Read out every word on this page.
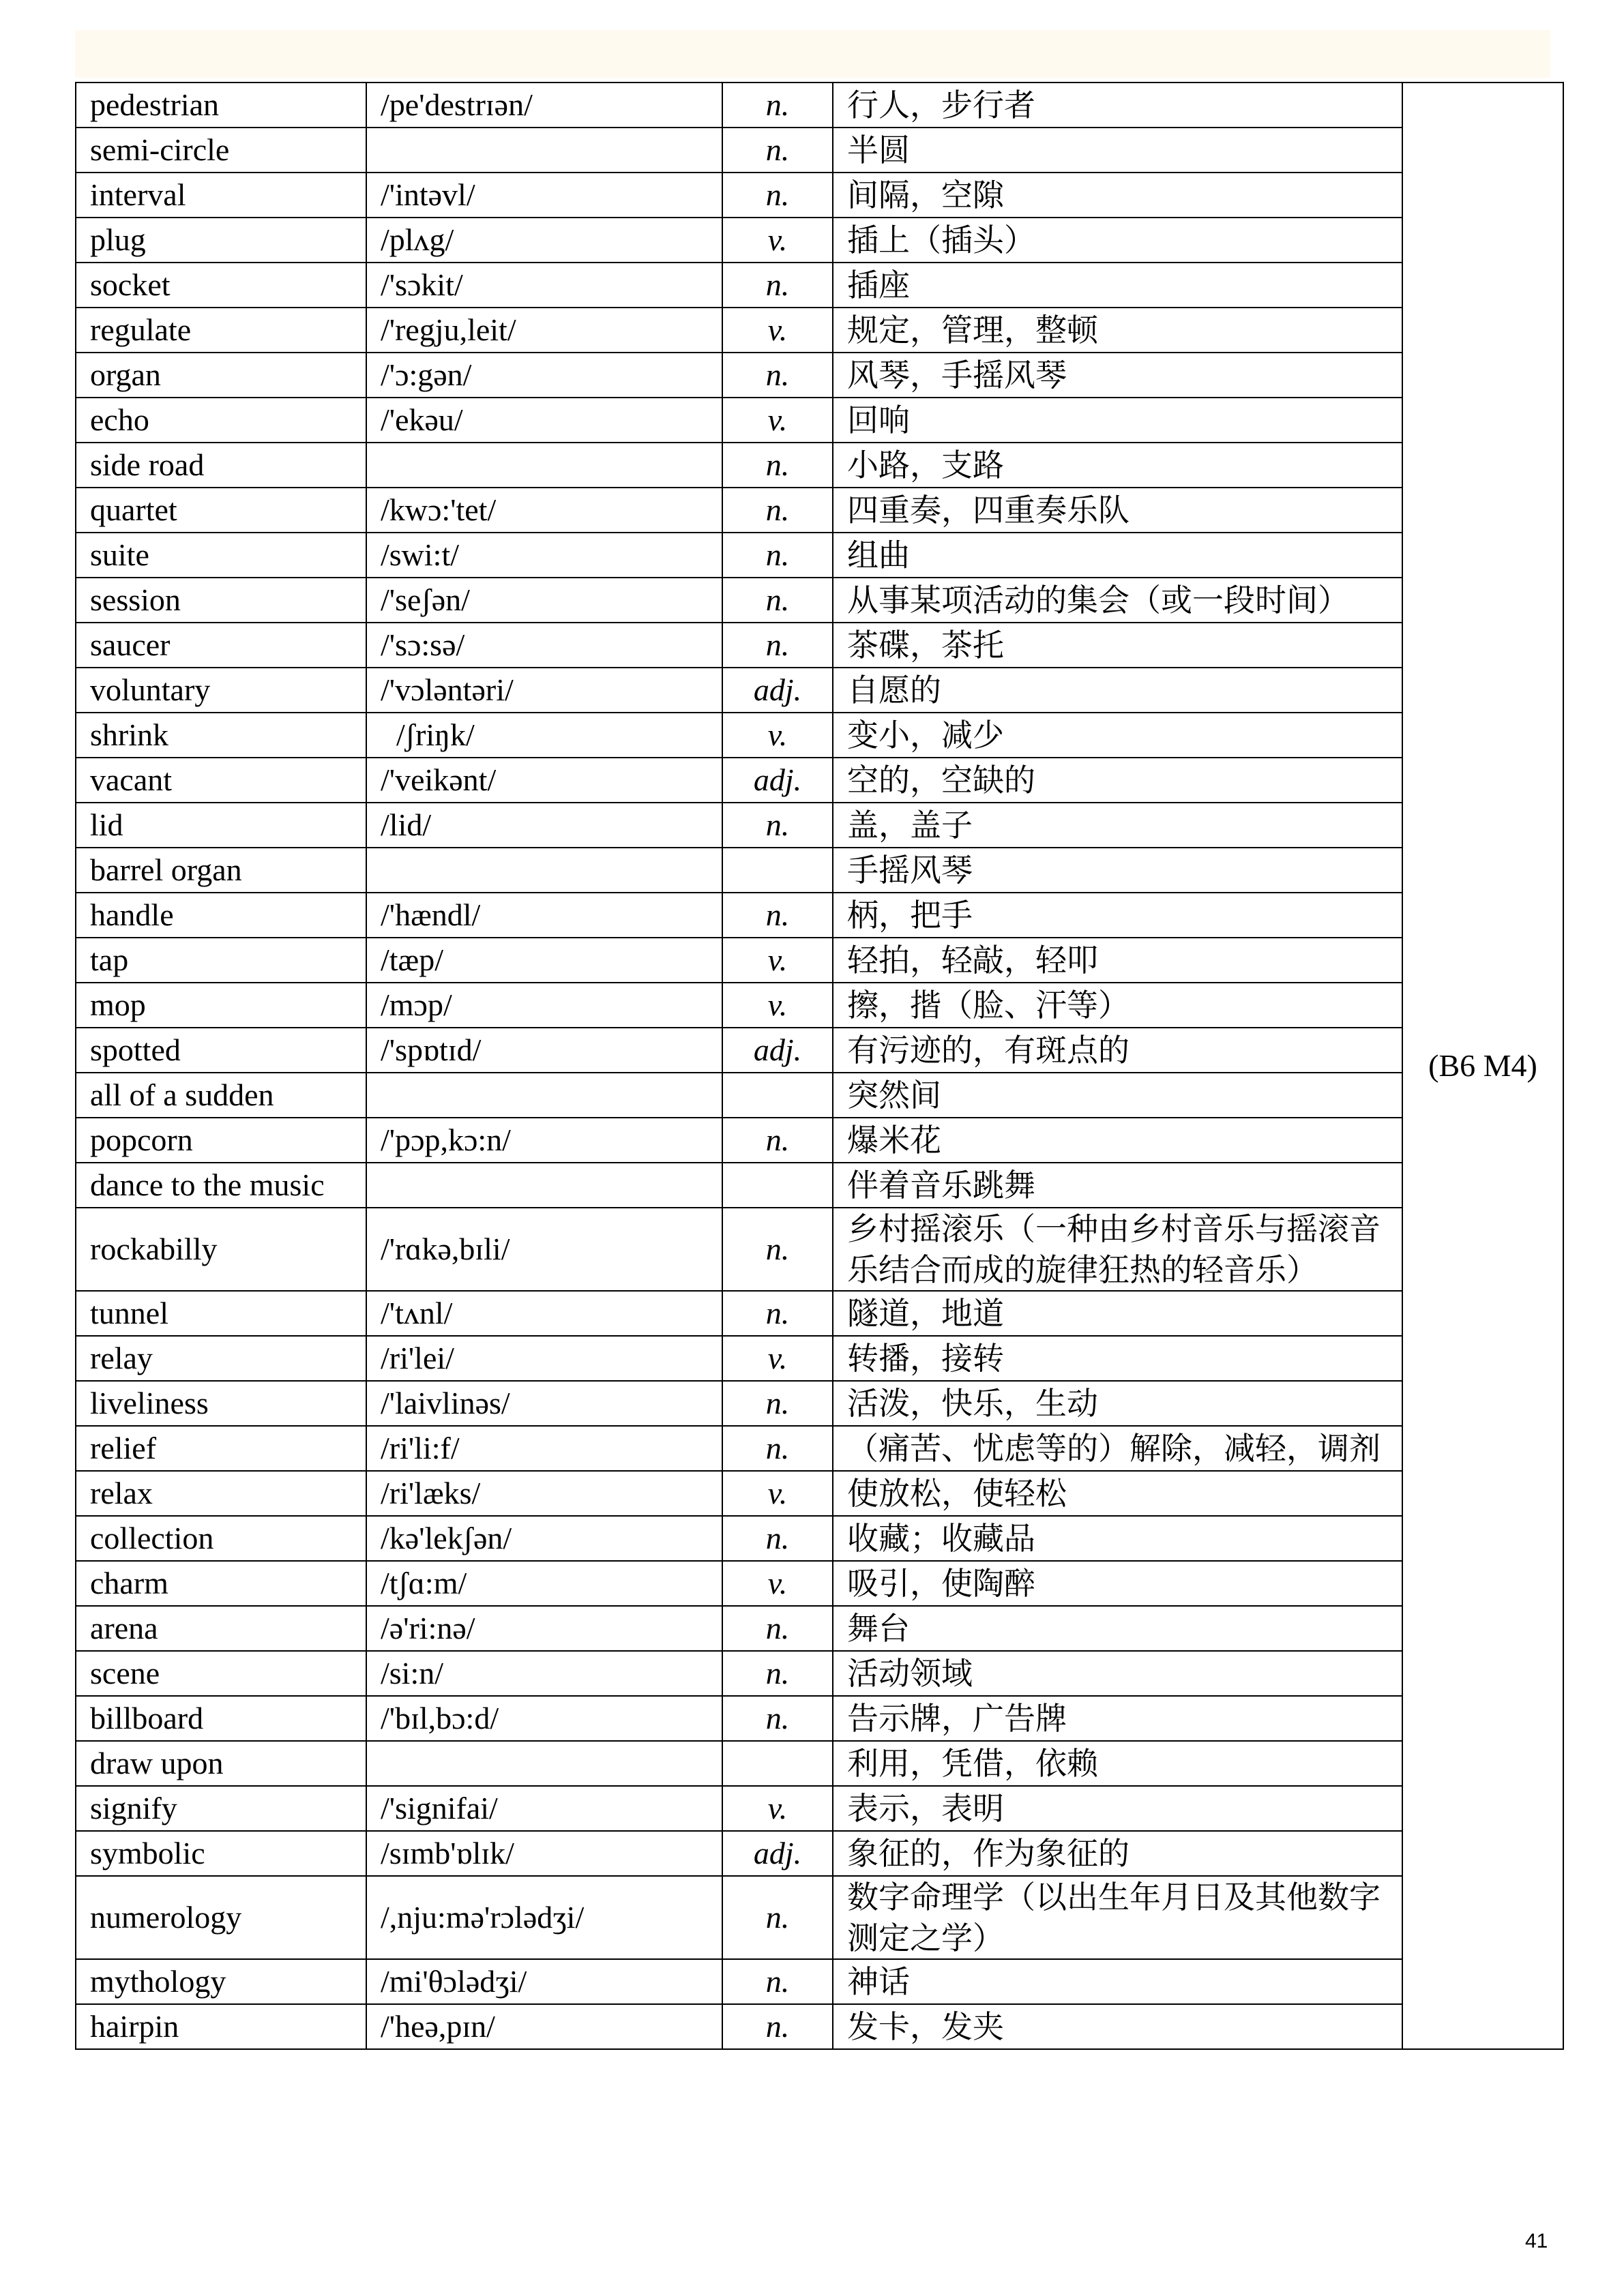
pedestrian	/pe'destrɪən/	n.	行人，步行者	(B6 M4)
semi-circle		n.	半圆	
interval	/'intəvl/	n.	间隔，空隙	
plug	/plʌg/	v.	插上（插头）	
socket	/'sɔkit/	n.	插座	
regulate	/'regju,leit/	v.	规定，管理，整顿	
organ	/'ɔ:gən/	n.	风琴，手摇风琴	
echo	/'ekəu/	v.	回响	
side road		n.	小路，支路	
quartet	/kwɔ:'tet/	n.	四重奏，四重奏乐队	
suite	/swi:t/	n.	组曲	
session	/'seʃən/	n.	从事某项活动的集会（或一段时间）	
saucer	/'sɔ:sə/	n.	茶碟，茶托	
voluntary	/'vɔləntəri/	adj.	自愿的	
shrink	/ʃriŋk/	v.	变小，减少	
vacant	/'veikənt/	adj.	空的，空缺的	
lid	/lid/	n.	盖，盖子	
barrel organ			手摇风琴	
handle	/'hændl/	n.	柄，把手	
tap	/tæp/	v.	轻拍，轻敲，轻叩	
mop	/mɔp/	v.	擦，揩（脸、汗等）	
spotted	/'spɒtɪd/	adj.	有污迹的，有斑点的	
all of a sudden			突然间	
popcorn	/'pɔp,kɔ:n/	n.	爆米花	
dance to the music			伴着音乐跳舞	
rockabilly	/'rɑkə,bɪli/	n.	乡村摇滚乐（一种由乡村音乐与摇滚音乐结合而成的旋律狂热的轻音乐）	
tunnel	/'tʌnl/	n.	隧道，地道	
relay	/ri'lei/	v.	转播，接转	
liveliness	/'laivlinəs/	n.	活泼，快乐，生动	
relief	/ri'li:f/	n.	（痛苦、忧虑等的）解除，减轻，调剂	
relax	/ri'læks/	v.	使放松，使轻松	
collection	/kə'lekʃən/	n.	收藏；收藏品	
charm	/tʃɑ:m/	v.	吸引，使陶醉	
arena	/ə'ri:nə/	n.	舞台	
scene	/si:n/	n.	活动领域	
billboard	/'bɪl,bɔ:d/	n.	告示牌，广告牌	
draw upon			利用，凭借，依赖	
signify	/'signifai/	v.	表示，表明	
symbolic	/sɪmb'ɒlɪk/	adj.	象征的，作为象征的	
numerology	/,nju:mə'rɔlədʒi/	n.	数字命理学（以出生年月日及其他数字测定之学）	
mythology	/mi'θɔlədʒi/	n.	神话	
hairpin	/'heə,pɪn/	n.	发卡，发夹	
41
